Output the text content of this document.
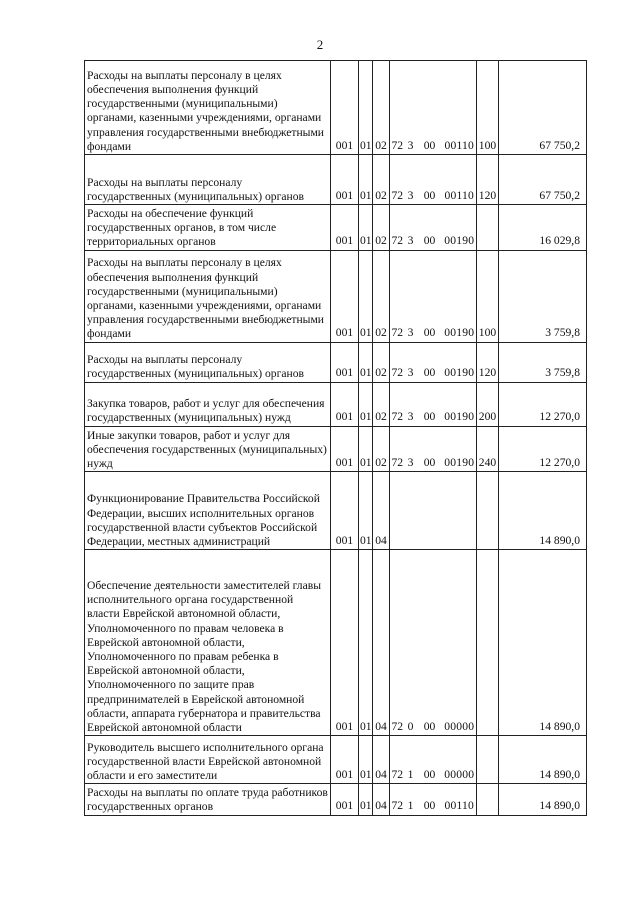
2
Расходы на выплаты персоналу в целях обеспечения выполнения функций государственными (муниципальными) органами, казенными учреждениями, органами управления государственными внебюджетными фондами	001	01	02	72	3	00	00110	100	67 750,2
Расходы на выплаты персоналу государственных (муниципальных) органов	001	01	02	72	3	00	00110	120	67 750,2
Расходы на обеспечение функций государственных органов, в том числе территориальных органов	001	01	02	72	3	00	00190		16 029,8
Расходы на выплаты персоналу в целях обеспечения выполнения функций государственными (муниципальными) органами, казенными учреждениями, органами управления государственными внебюджетными фондами	001	01	02	72	3	00	00190	100	3 759,8
Расходы на выплаты персоналу государственных (муниципальных) органов	001	01	02	72	3	00	00190	120	3 759,8
Закупка товаров, работ и услуг для обеспечения государственных (муниципальных) нужд	001	01	02	72	3	00	00190	200	12 270,0
Иные закупки товаров, работ и услуг для обеспечения государственных (муниципальных) нужд	001	01	02	72	3	00	00190	240	12 270,0
Функционирование Правительства Российской Федерации, высших исполнительных органов государственной власти субъектов Российской Федерации, местных администраций	001	01	04						14 890,0
Обеспечение деятельности заместителей главы исполнительного органа государственной власти Еврейской автономной области, Уполномоченного по правам человека в Еврейской автономной области, Уполномоченного по правам ребенка в Еврейской автономной области, Уполномоченного по защите прав предпринимателей в Еврейской автономной области, аппарата губернатора и правительства Еврейской автономной области	001	01	04	72	0	00	00000		14 890,0
Руководитель высшего исполнительного органа государственной власти Еврейской автономной области и его заместители	001	01	04	72	1	00	00000		14 890,0
Расходы на выплаты по оплате труда работников государственных органов	001	01	04	72	1	00	00110		14 890,0
